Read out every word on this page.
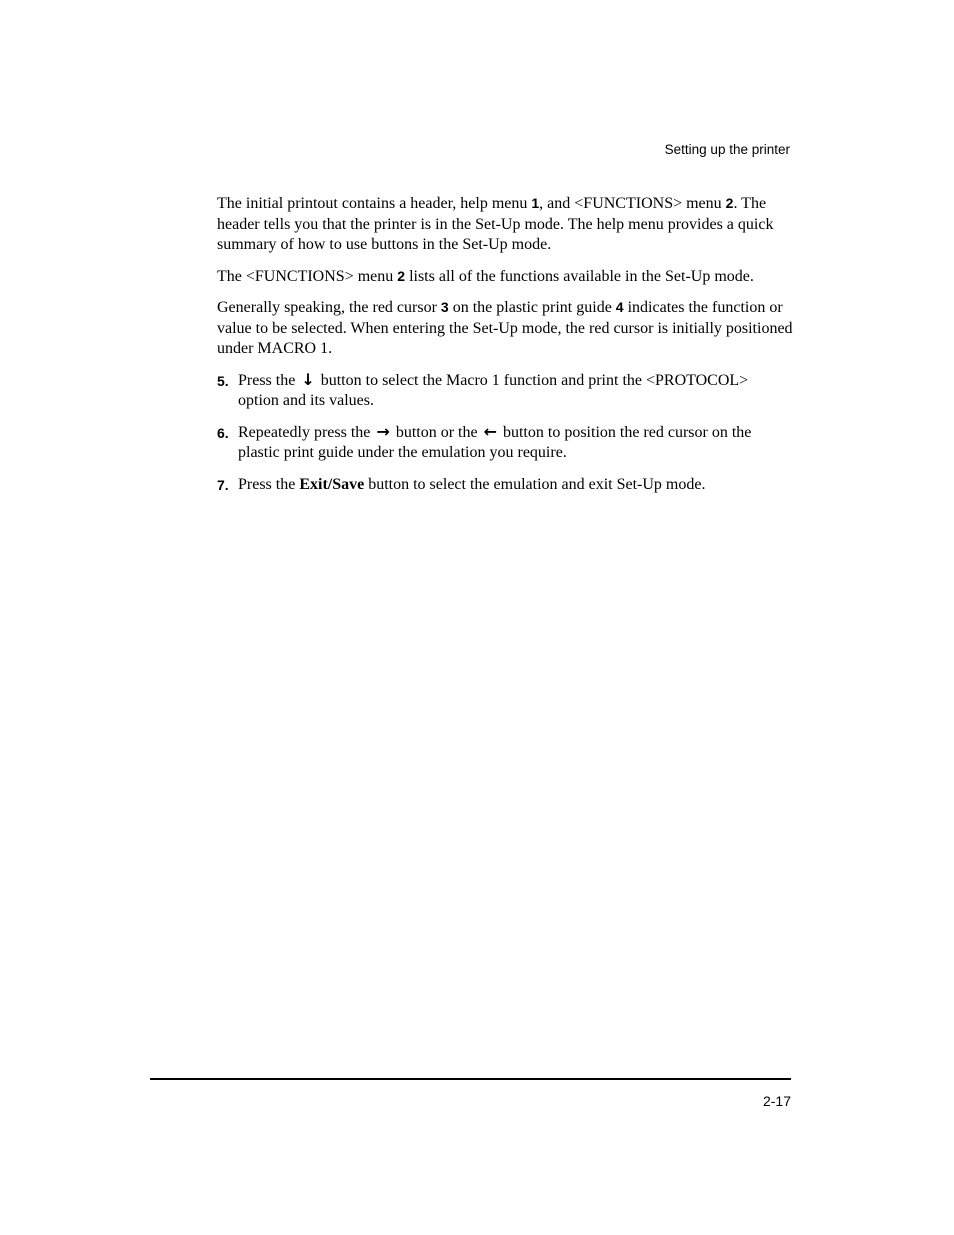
Setting up the printer

The initial printout contains a header, help menu 1, and <FUNCTIONS> menu 2. The header tells you that the printer is in the Set-Up mode. The help menu provides a quick summary of how to use buttons in the Set-Up mode.

The <FUNCTIONS> menu 2 lists all of the functions available in the Set-Up mode.

Generally speaking, the red cursor 3 on the plastic print guide 4 indicates the function or value to be selected. When entering the Set-Up mode, the red cursor is initially positioned under MACRO 1.

5. Press the ↓ button to select the Macro 1 function and print the <PROTOCOL> option and its values.
6. Repeatedly press the → button or the ← button to position the red cursor on the plastic print guide under the emulation you require.
7. Press the Exit/Save button to select the emulation and exit Set-Up mode.
2-17
